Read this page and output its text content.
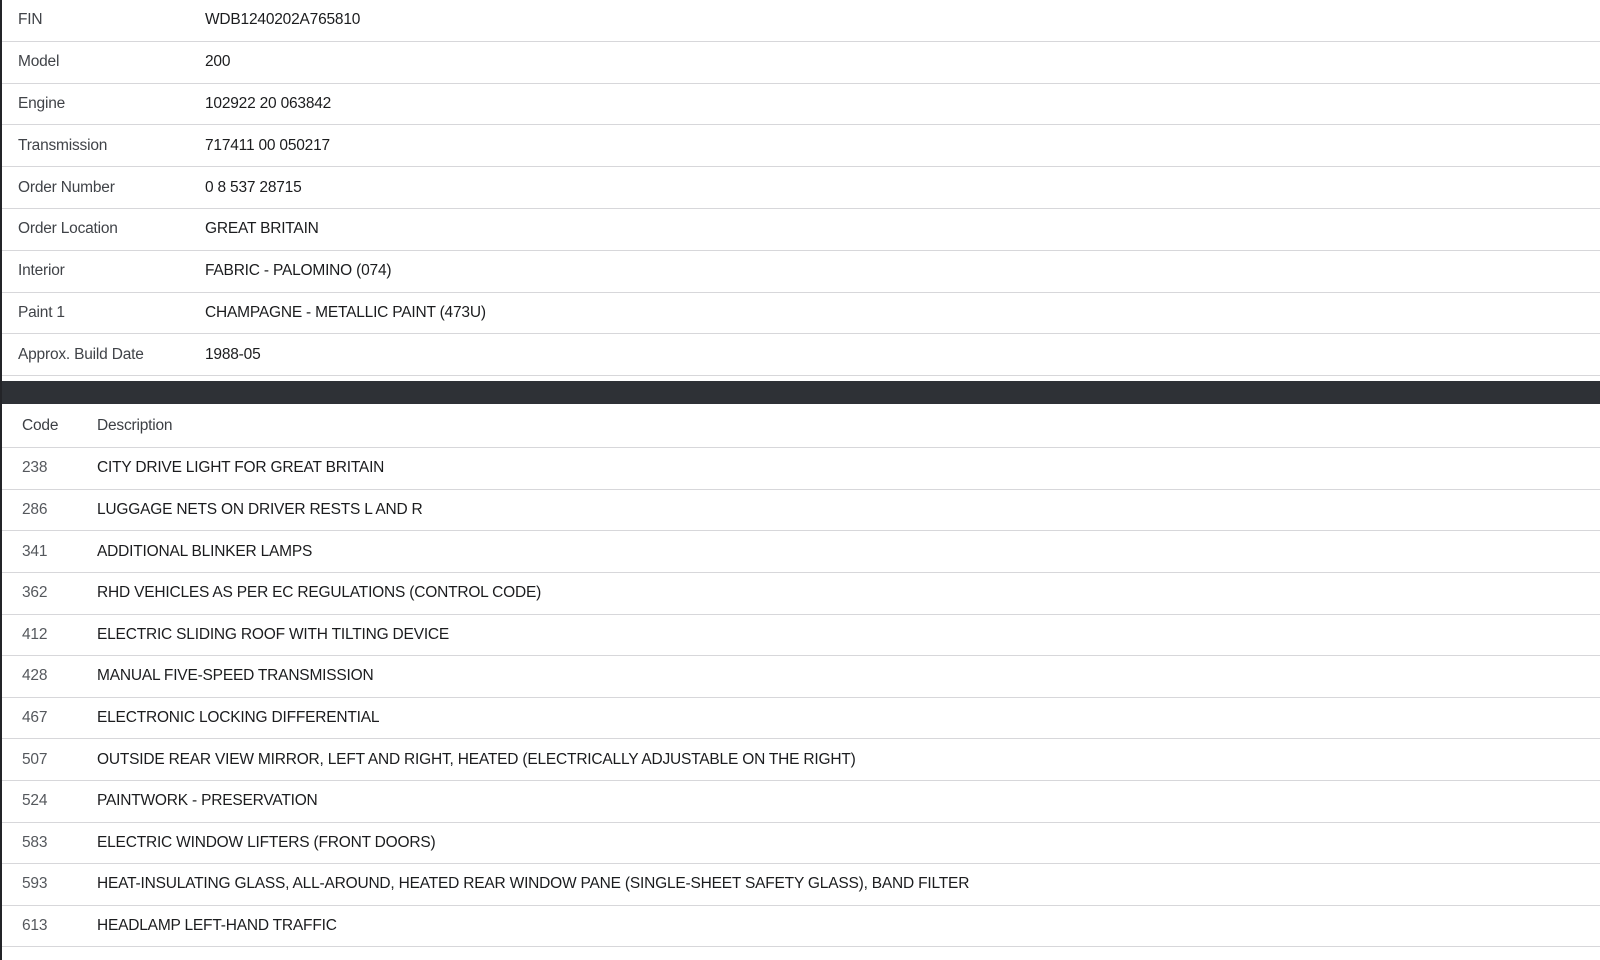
FIN	WDB1240202A765810
Model	200
Engine	102922 20 063842
Transmission	717411 00 050217
Order Number	0 8 537 28715
Order Location	GREAT BRITAIN
Interior	FABRIC - PALOMINO (074)
Paint 1	CHAMPAGNE - METALLIC PAINT (473U)
Approx. Build Date	1988-05
Code	Description
238	CITY DRIVE LIGHT FOR GREAT BRITAIN
286	LUGGAGE NETS ON DRIVER RESTS L AND R
341	ADDITIONAL BLINKER LAMPS
362	RHD VEHICLES AS PER EC REGULATIONS (CONTROL CODE)
412	ELECTRIC SLIDING ROOF WITH TILTING DEVICE
428	MANUAL FIVE-SPEED TRANSMISSION
467	ELECTRONIC LOCKING DIFFERENTIAL
507	OUTSIDE REAR VIEW MIRROR, LEFT AND RIGHT, HEATED (ELECTRICALLY ADJUSTABLE ON THE RIGHT)
524	PAINTWORK - PRESERVATION
583	ELECTRIC WINDOW LIFTERS (FRONT DOORS)
593	HEAT-INSULATING GLASS, ALL-AROUND, HEATED REAR WINDOW PANE (SINGLE-SHEET SAFETY GLASS), BAND FILTER
613	HEADLAMP LEFT-HAND TRAFFIC
